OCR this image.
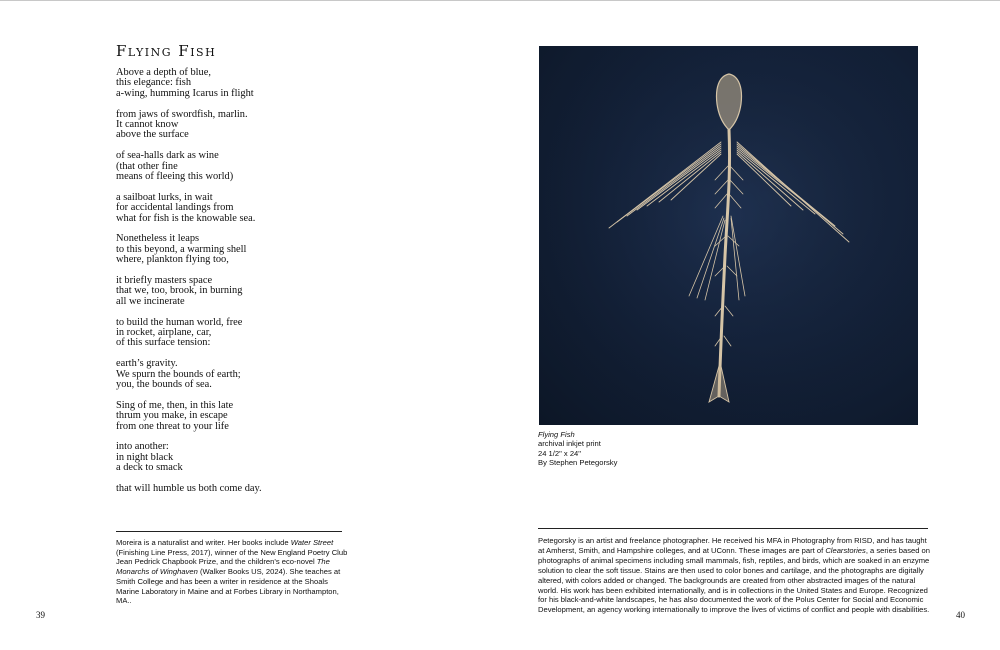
Flying Fish
Above a depth of blue,
this elegance: fish
a-wing, humming Icarus in flight
from jaws of swordfish, marlin.
It cannot know
above the surface
of sea-halls dark as wine
(that other fine
means of fleeing this world)
a sailboat lurks, in wait
for accidental landings from
what for fish is the knowable sea.
Nonetheless it leaps
to this beyond, a warming shell
where, plankton flying too,
it briefly masters space
that we, too, brook, in burning
all we incinerate
to build the human world, free
in rocket, airplane, car,
of this surface tension:
earth’s gravity.
We spurn the bounds of earth;
you, the bounds of sea.
Sing of me, then, in this late
thrum you make, in escape
from one threat to your life
into another:
in night black
a deck to smack
that will humble us both come day.
Moreira is a naturalist and writer. Her books include Water Street (Finishing Line Press, 2017), winner of the New England Poetry Club Jean Pedrick Chapbook Prize, and the children’s eco-novel The Monarchs of Winghaven (Walker Books US, 2024). She teaches at Smith College and has been a writer in residence at the Shoals Marine Laboratory in Maine and at Forbes Library in Northampton, MA..
39
Flying Fish
archival inkjet print
24 1/2" x 24"
By Stephen Petegorsky
Petegorsky is an artist and freelance photographer. He received his MFA in Photography from RISD, and has taught at Amherst, Smith, and Hampshire colleges, and at UConn. These images are part of Clearstories, a series based on photographs of animal specimens including small mammals, fish, reptiles, and birds, which are soaked in an enzyme solution to clear the soft tissue. Stains are then used to color bones and cartilage, and the photographs are digitally altered, with colors added or changed. The backgrounds are created from other abstracted images of the natural world. His work has been exhibited internationally, and is in collections in the United States and Europe. Recognized for his black-and-white landscapes, he has also documented the work of the Polus Center for Social and Economic Development, an agency working internationally to improve the lives of victims of conflict and people with disabilities.
40
